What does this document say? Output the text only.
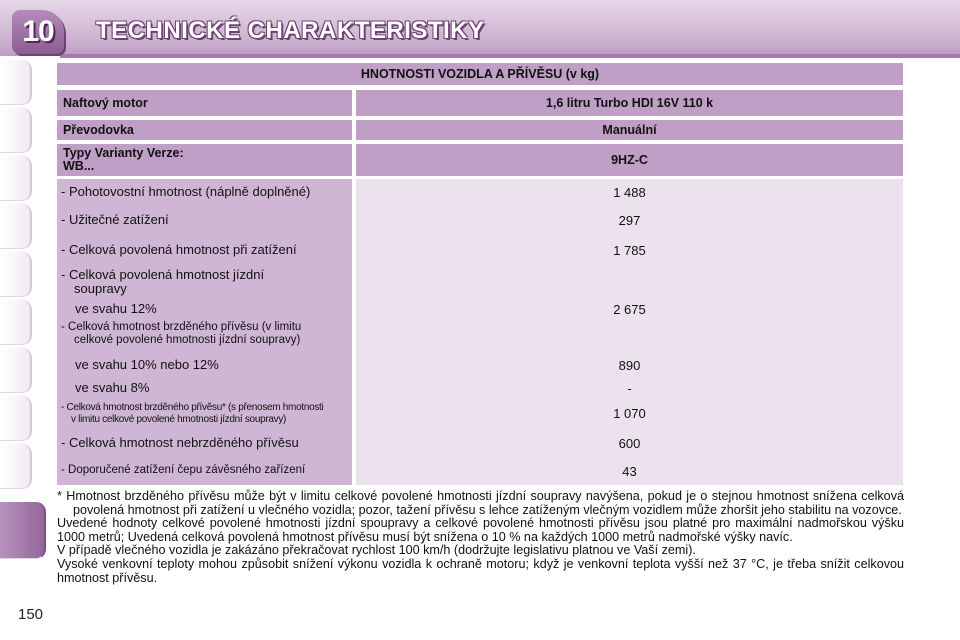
10 TECHNICKÉ CHARAKTERISTIKY
150
HNOTNOSTI VOZIDLA A PŘÍVĚSU (v kg)
Naftový motor	1,6 litru Turbo HDI 16V 110 k
Převodovka	Manuální
Typy Varianty Verze:
WB...	9HZ-C
- Pohotovostní hmotnost (náplně doplněné)	1 488
- Užitečné zatížení	297
- Celková povolená hmotnost při zatížení	1 785
- Celková povolená hmotnost jízdní
soupravy
ve svahu 12%	2 675
- Celková hmotnost brzděného přívěsu (v limitu
celkové povolené hmotnosti jízdní soupravy)
ve svahu 10% nebo 12%	890
ve svahu 8%	-
- Celková hmotnost brzděného přívěsu* (s přenosem hmotnosti
v limitu celkové povolené hmotnosti jízdní soupravy)	1 070
- Celková hmotnost nebrzděného přívěsu	600
- Doporučené zatížení čepu závěsného zařízení	43

* Hmotnost brzděného přívěsu může být v limitu celkové povolené hmotnosti jízdní soupravy navýšena, pokud je o stejnou hmotnost snížena celková povolená hmotnost při zatížení u vlečného vozidla; pozor, tažení přívěsu s lehce zatíženým vlečným vozidlem může zhoršit jeho stabilitu na vozovce.

Uvedené hodnoty celkové povolené hmotnosti jízdní spoupravy a celkové povolené hmotnosti přívěsu jsou platné pro maximální nadmořskou výšku 1000 metrů; Uvedená celková povolená hmotnost přívěsu musí být snížena o 10 % na každých 1000 metrů nadmořské výšky navíc.

V případě vlečného vozidla je zakázáno překračovat rychlost 100 km/h (dodržujte legislativu platnou ve Vaší zemi).

Vysoké venkovní teploty mohou způsobit snížení výkonu vozidla k ochraně motoru; když je venkovní teplota vyšší než 37 °C, je třeba snížit celkovou hmotnost přívěsu.
